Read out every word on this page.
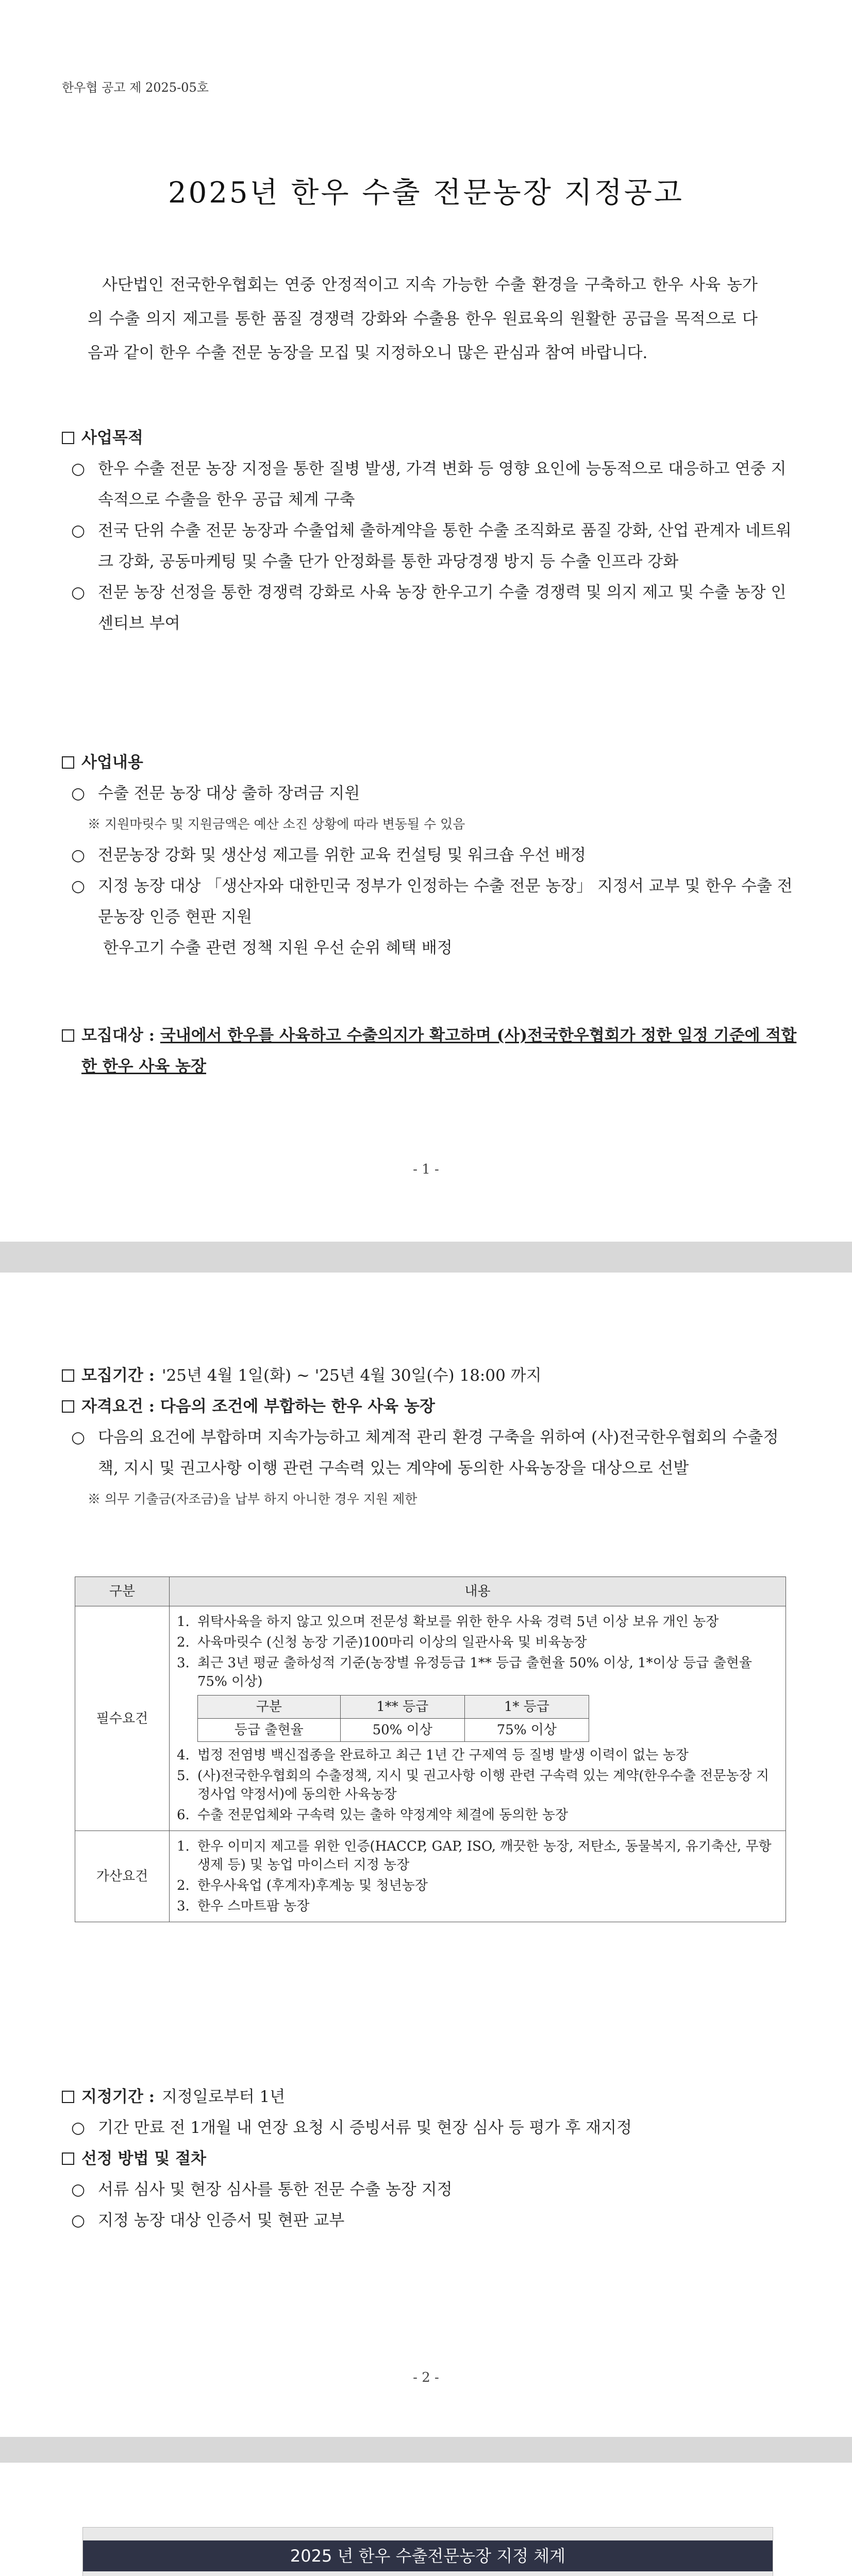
한우협 공고 제 2025-05호
2025년 한우 수출 전문농장 지정공고
사단법인 전국한우협회는 연중 안정적이고 지속 가능한 수출 환경을 구축하고 한우 사육 농가의 수출 의지 제고를 통한 품질 경쟁력 강화와 수출용 한우 원료육의 원활한 공급을 목적으로 다음과 같이 한우 수출 전문 농장을 모집 및 지정하오니 많은 관심과 참여 바랍니다.
사업목적
○ 한우 수출 전문 농장 지정을 통한 질병 발생, 가격 변화 등 영향 요인에 능동적으로 대응하고 연중 지속적으로 수출을 한우 공급 체계 구축
○ 전국 단위 수출 전문 농장과 수출업체 출하계약을 통한 수출 조직화로 품질 강화, 산업 관계자 네트워크 강화, 공동마케팅 및 수출 단가 안정화를 통한 과당경쟁 방지 등 수출 인프라 강화
○ 전문 농장 선정을 통한 경쟁력 강화로 사육 농장 한우고기 수출 경쟁력 및 의지 제고 및 수출 농장 인센티브 부여
사업내용
○ 수출 전문 농장 대상 출하 장려금 지원
※ 지원마릿수 및 지원금액은 예산 소진 상황에 따라 변동될 수 있음
○ 전문농장 강화 및 생산성 제고를 위한 교육 컨설팅 및 워크숍 우선 배정
○ 지정 농장 대상 「생산자와 대한민국 정부가 인정하는 수출 전문 농장」 지정서 교부 및 한우 수출 전문농장 인증 현판 지원
한우고기 수출 관련 정책 지원 우선 순위 혜택 배정
모집대상 : 국내에서 한우를 사육하고 수출의지가 확고하며 (사)전국한우협회가 정한 일정 기준에 적합한 한우 사육 농장
- 1 -
모집기간 : '25년 4월 1일(화) ~ '25년 4월 30일(수) 18:00 까지
자격요건 : 다음의 조건에 부합하는 한우 사육 농장
○ 다음의 요건에 부합하며 지속가능하고 체계적 관리 환경 구축을 위하여 (사)전국한우협회의 수출정책, 지시 및 권고사항 이행 관련 구속력 있는 계약에 동의한 사육농장을 대상으로 선발
※ 의무 기출금(자조금)을 납부 하지 아니한 경우 지원 제한
구분	내용
필수요건	
1. 위탁사육을 하지 않고 있으며 전문성 확보를 위한 한우 사육 경력 5년 이상 보유 개인 농장
2. 사육마릿수 (신청 농장 기준)100마리 이상의 일관사육 및 비육농장
3. 최근 3년 평균 출하성적 기준(농장별 유정등급 1** 등급 출현율 50% 이상, 1*이상 등급 출현율 75% 이상)
구분	1** 등급	1* 등급
등급 출현율	50% 이상	75% 이상
4. 법정 전염병 백신접종을 완료하고 최근 1년 간 구제역 등 질병 발생 이력이 없는 농장
5. (사)전국한우협회의 수출정책, 지시 및 권고사항 이행 관련 구속력 있는 계약(한우수출 전문농장 지정사업 약정서)에 동의한 사육농장
6. 수출 전문업체와 구속력 있는 출하 약정계약 체결에 동의한 농장

가산요건	
1. 한우 이미지 제고를 위한 인증(HACCP, GAP, ISO, 깨끗한 농장, 저탄소, 동물복지, 유기축산, 무항생제 등) 및 농업 마이스터 지정 농장
2. 한우사육업 (후계자)후계농 및 청년농장
3. 한우 스마트팜 농장
지정기간 : 지정일로부터 1년
○ 기간 만료 전 1개월 내 연장 요청 시 증빙서류 및 현장 심사 등 평가 후 재지정
선정 방법 및 절차
○ 서류 심사 및 현장 심사를 통한 전문 수출 농장 지정
○ 지정 농장 대상 인증서 및 현판 교부
- 2 -
2025 년 한우 수출전문농장 지정 체계
